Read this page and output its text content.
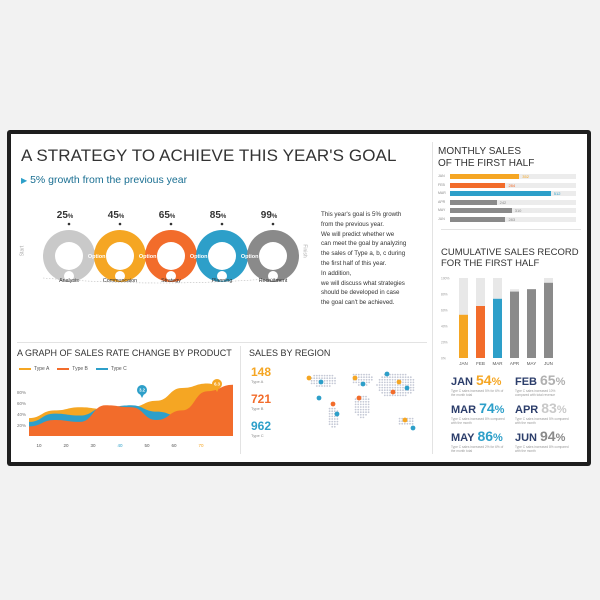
A STRATEGY TO ACHIEVE THIS YEAR'S GOAL
▶ 5% growth from the previous year
25%	45%	65%	85%	99%
Option 01	Option 02	Option 03	Option 04
Analysis	Communcaion	Strategy	Planning	Recruitment
Start	Finish
This year's goal is 5% growth
from the previous year.
We will predict whether we
can meet the goal by analyzing
the sales of Type a, b, c during
the first half of this year.
In addition,
we will discuss what strategies
should be developed in case
the goal can't be achieved.
MONTHLY SALES
OF THE FIRST HALF
JAN	352
FEB	284
MAR	512
APR	242
MAY	310
JUN	283
CUMULATIVE SALES RECORD
FOR THE FIRST HALF
100%
80%
60%
40%
20%
0%
JAN FEB MAR APR MAY JUN
JAN 54%
Type C sales increased 5% for 6% of the month total
FEB 65%
Type C sales increased 10% compared with total revenue
MAR 74%
Type C sales increased 8% compared with the month
APR 83%
Type C sales increased 5% compared with the month
MAY 86%
Type C sales increased 2% for 6% of the month total
JUN 94%
Type C sales increased 8% compared with the month
A GRAPH OF SALES RATE CHANGE BY PRODUCT
Type A	Type B	Type C
80%
60%
40%
20%
10	20	30	40	50	60	70
3.2
6.3
SALES BY REGION
148
Type A
721
Type B
962
Type C
